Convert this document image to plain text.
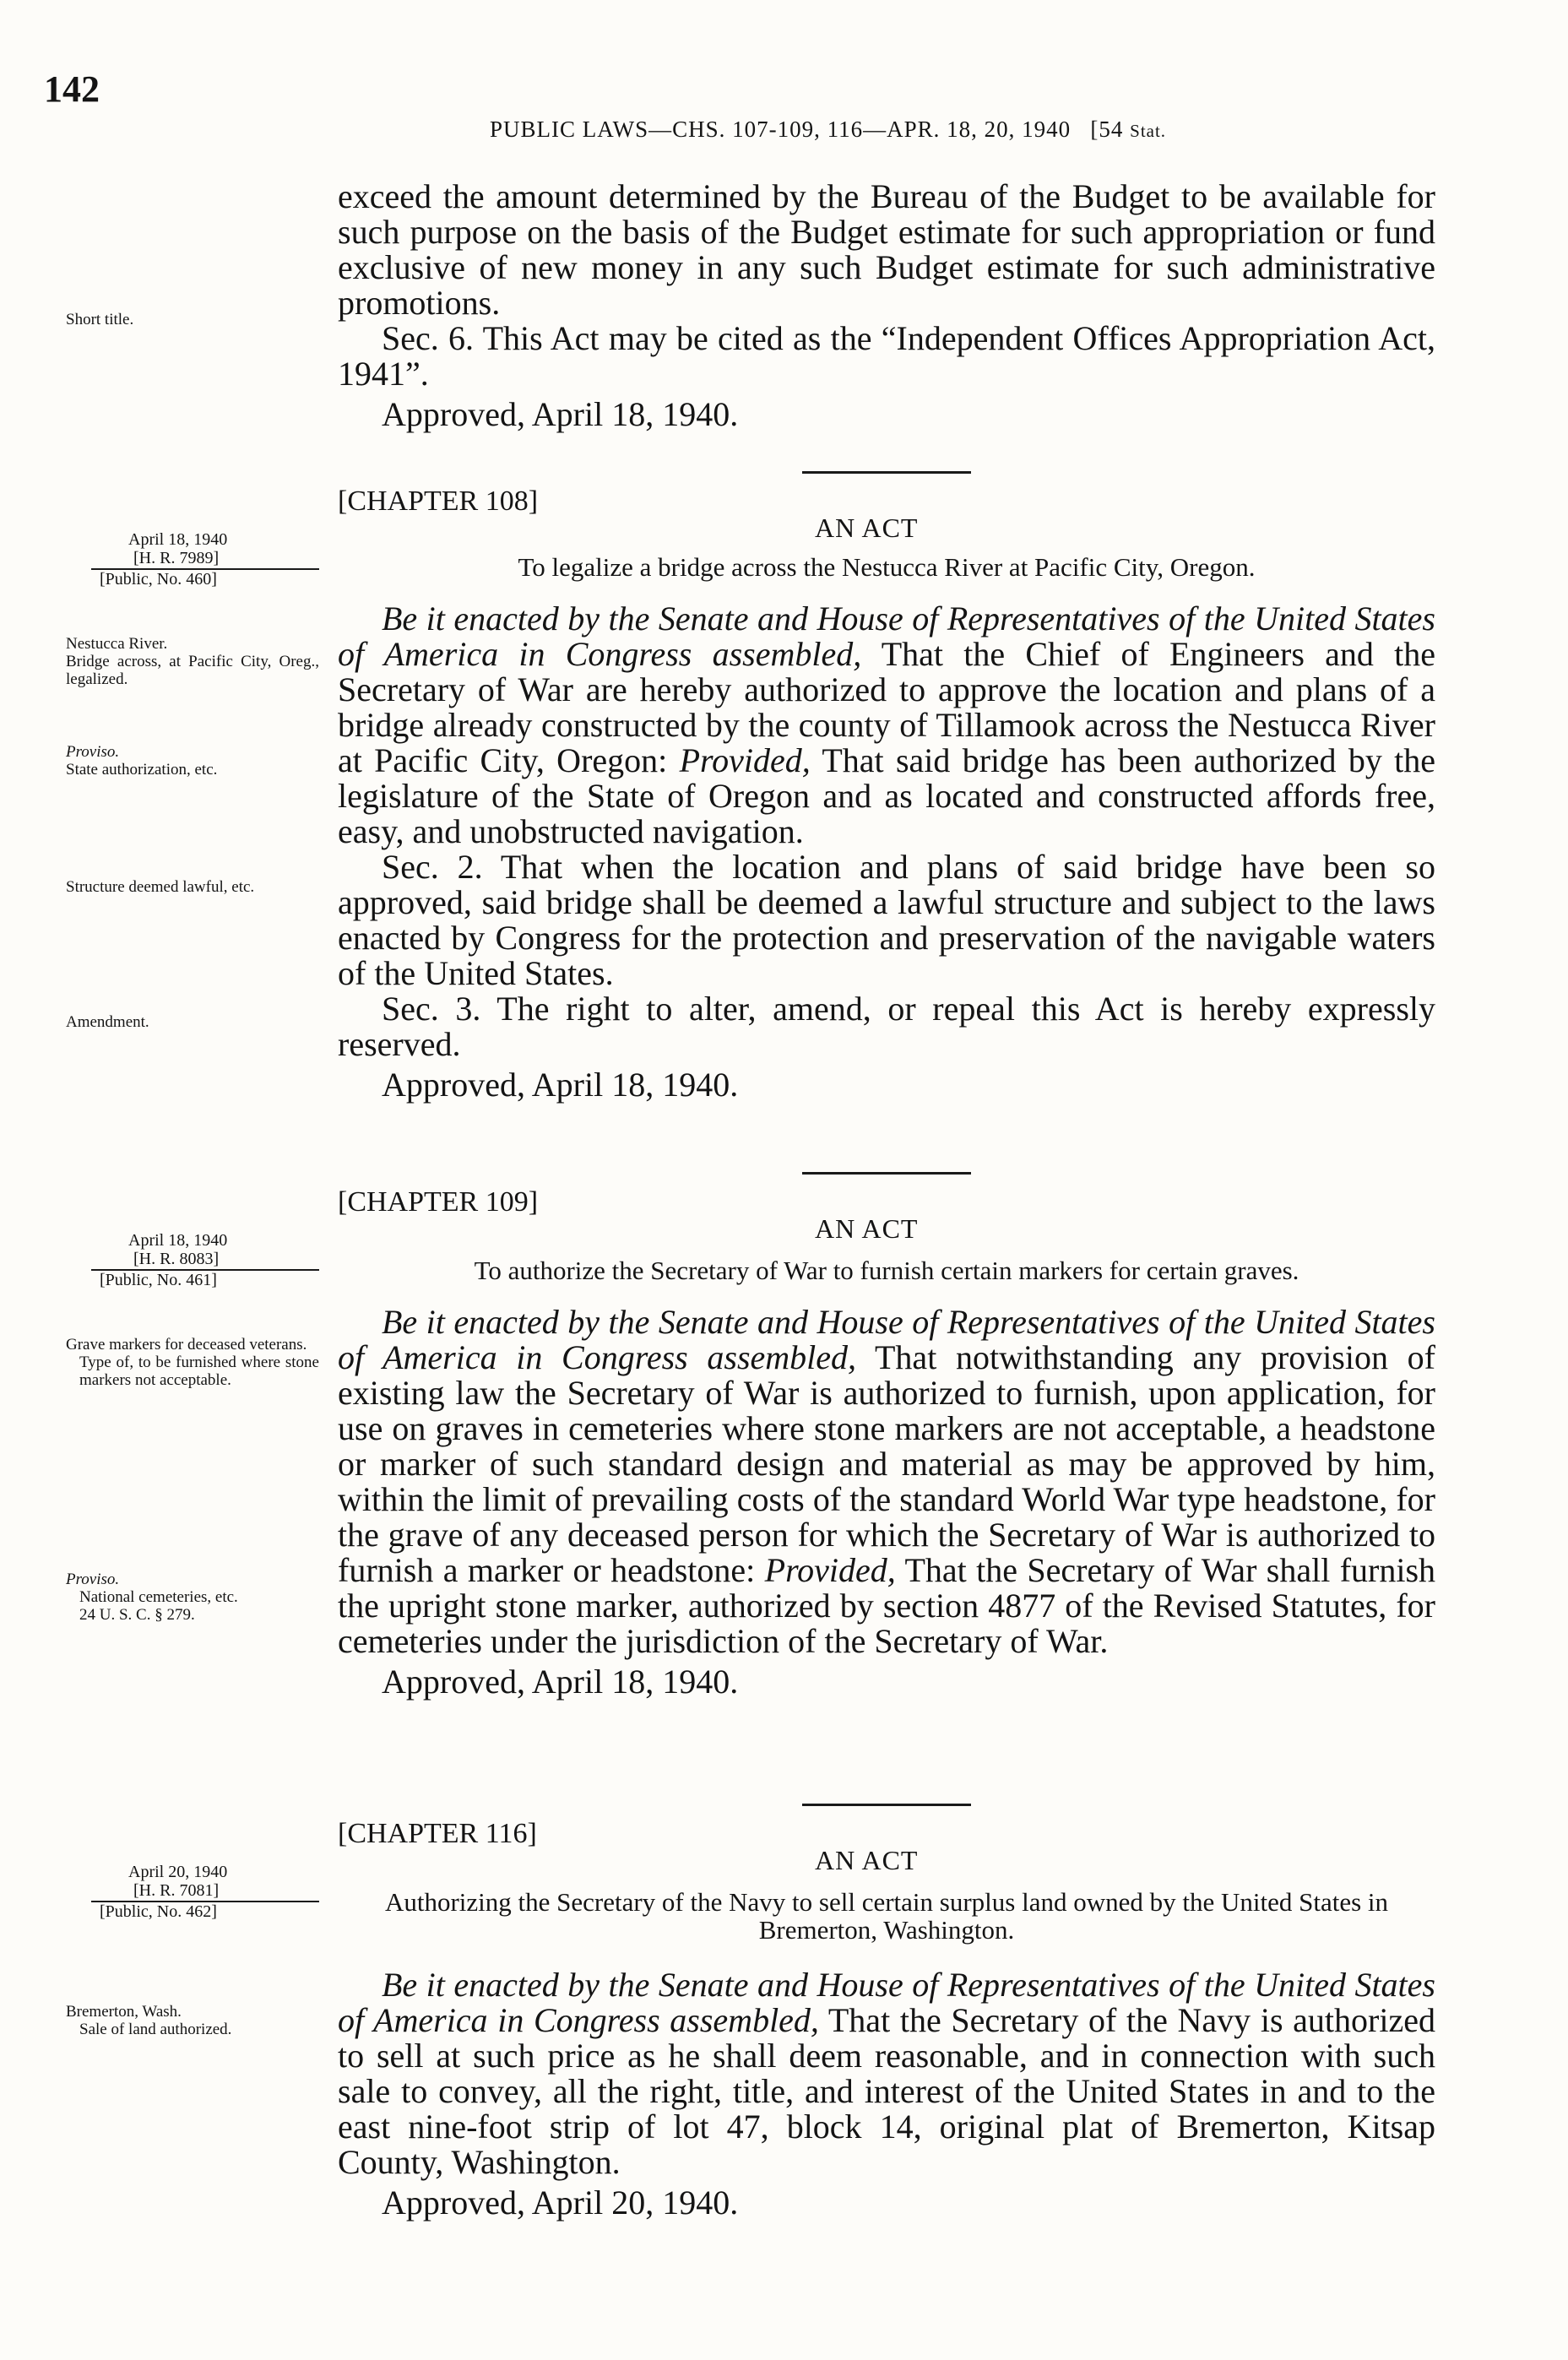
142
PUBLIC LAWS—CHS. 107-109, 116—APR. 18, 20, 1940 [54 Stat.

exceed the amount determined by the Bureau of the Budget to be available for such purpose on the basis of the Budget estimate for such appropriation or fund exclusive of new money in any such Budget estimate for such administrative promotions.

Sec. 6. This Act may be cited as the “Independent Offices Appropriation Act, 1941”.

Approved, April 18, 1940.

Short title.
[CHAPTER 108]
AN ACT
To legalize a bridge across the Nestucca River at Pacific City, Oregon.
April 18, 1940
[H. R. 7989]
[Public, No. 460]

Be it enacted by the Senate and House of Representatives of the United States of America in Congress assembled, That the Chief of Engineers and the Secretary of War are hereby authorized to approve the location and plans of a bridge already constructed by the county of Tillamook across the Nestucca River at Pacific City, Oregon: Provided, That said bridge has been authorized by the legislature of the State of Oregon and as located and constructed affords free, easy, and unobstructed navigation.

Sec. 2. That when the location and plans of said bridge have been so approved, said bridge shall be deemed a lawful structure and subject to the laws enacted by Congress for the protection and preservation of the navigable waters of the United States.

Sec. 3. The right to alter, amend, or repeal this Act is hereby expressly reserved.

Approved, April 18, 1940.

Nestucca River.

Bridge across, at Pacific City, Oreg., legalized.

Proviso.

State authorization, etc.

Structure deemed lawful, etc.
Amendment.
[CHAPTER 109]
AN ACT
To authorize the Secretary of War to furnish certain markers for certain graves.
April 18, 1940
[H. R. 8083]
[Public, No. 461]

Be it enacted by the Senate and House of Representatives of the United States of America in Congress assembled, That notwithstanding any provision of existing law the Secretary of War is authorized to furnish, upon application, for use on graves in cemeteries where stone markers are not acceptable, a headstone or marker of such standard design and material as may be approved by him, within the limit of prevailing costs of the standard World War type headstone, for the grave of any deceased person for which the Secretary of War is authorized to furnish a marker or headstone: Provided, That the Secretary of War shall furnish the upright stone marker, authorized by section 4877 of the Revised Statutes, for cemeteries under the jurisdiction of the Secretary of War.

Approved, April 18, 1940.

Grave markers for deceased veterans.

Type of, to be furnished where stone markers not acceptable.

Proviso.

National cemeteries, etc.

24 U. S. C. § 279.

[CHAPTER 116]
AN ACT
Authorizing the Secretary of the Navy to sell certain surplus land owned by the United States in Bremerton, Washington.
April 20, 1940
[H. R. 7081]
[Public, No. 462]

Be it enacted by the Senate and House of Representatives of the United States of America in Congress assembled, That the Secretary of the Navy is authorized to sell at such price as he shall deem reasonable, and in connection with such sale to convey, all the right, title, and interest of the United States in and to the east nine-foot strip of lot 47, block 14, original plat of Bremerton, Kitsap County, Washington.

Approved, April 20, 1940.

Bremerton, Wash.

Sale of land authorized.
